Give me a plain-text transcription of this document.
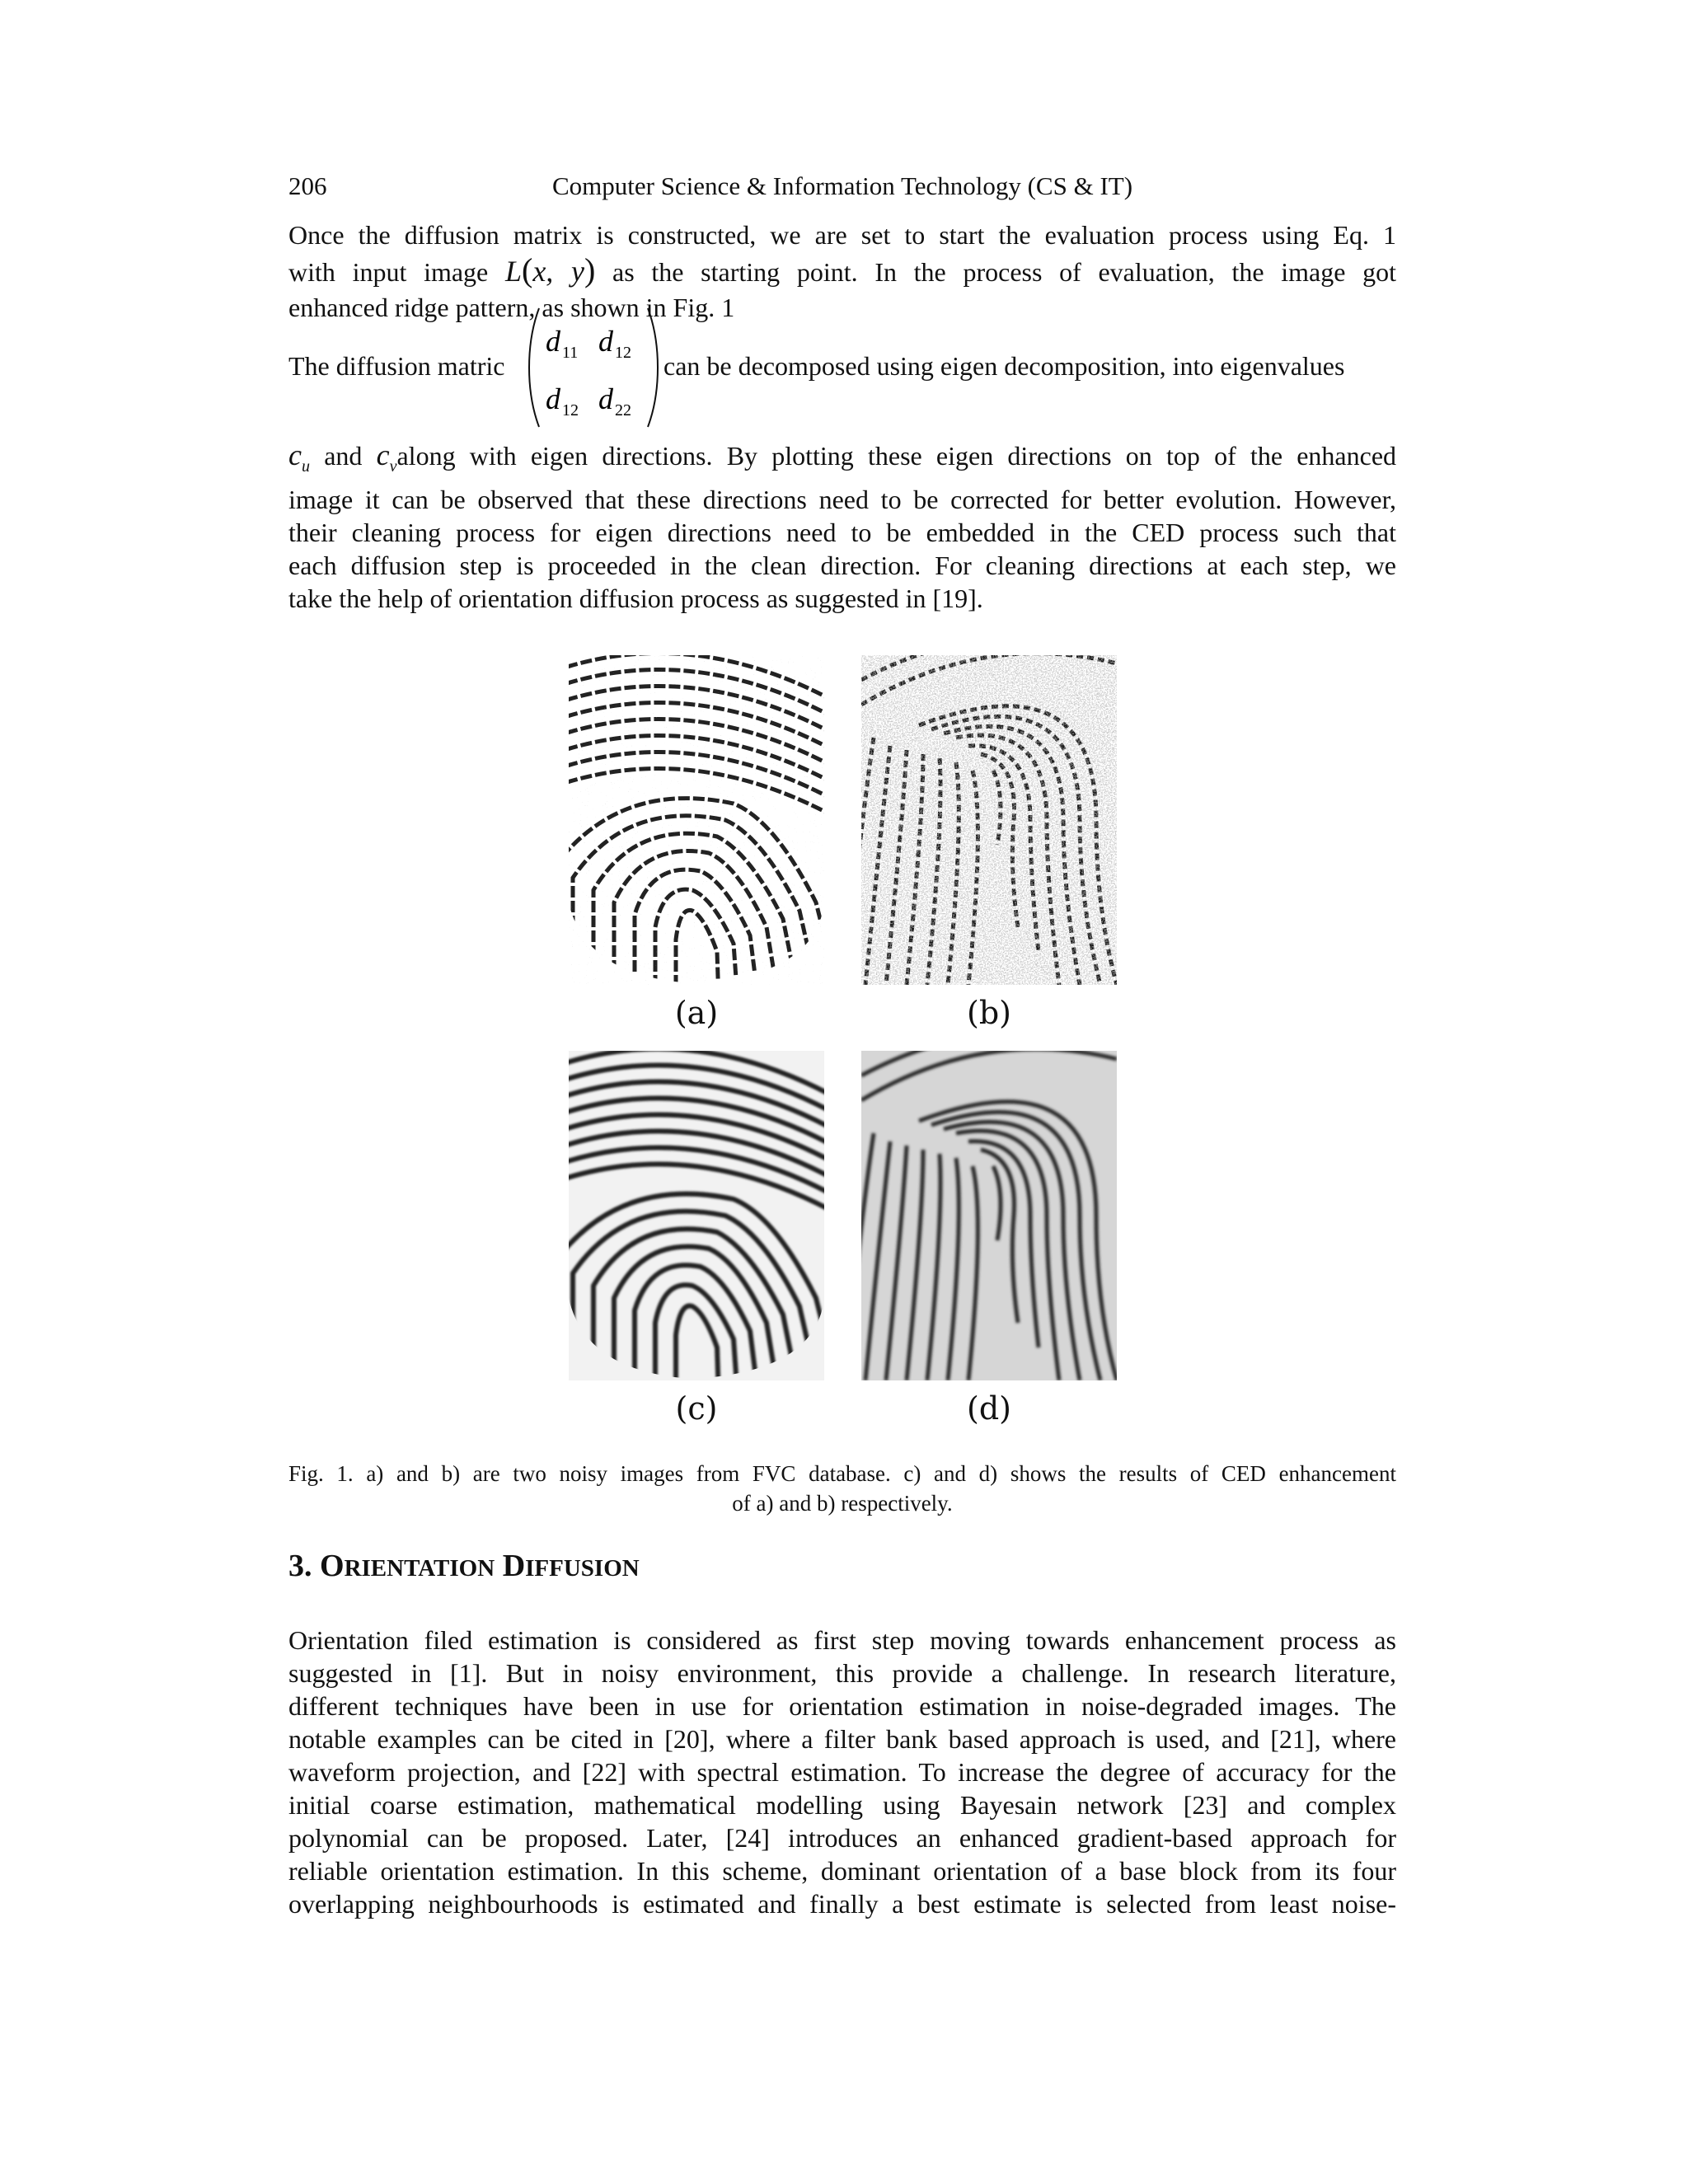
206	Computer Science & Information Technology (CS & IT)
Once the diffusion matrix is constructed, we are set to start the evaluation process using Eq. 1
with input image L(x, y) as the starting point. In the process of evaluation, the image got
enhanced ridge pattern, as shown in Fig. 1
The diffusion matric
d 11 d 12
d 12 d 22
can be decomposed using eigen decomposition, into eigenvalues
$c_u$ and $c_valong$ with eigen directions. By plotting these eigen directions on top of the enhanced
image it can be observed that these directions need to be corrected for better evolution. However,
their cleaning process for eigen directions need to be embedded in the CED process such that
each diffusion step is proceeded in the clean direction. For cleaning directions at each step, we
take the help of orientation diffusion process as suggested in [19].
(a)	(b)
(c)	(d)
Fig. 1. a) and b) are two noisy images from FVC database. c) and d) shows the results of CED enhancement
of a) and b) respectively.
3. ORIENTATION DIFFUSION
Orientation filed estimation is considered as first step moving towards enhancement process as
suggested in [1]. But in noisy environment, this provide a challenge. In research literature,
different techniques have been in use for orientation estimation in noise-degraded images. The
notable examples can be cited in [20], where a filter bank based approach is used, and [21], where
waveform projection, and [22] with spectral estimation. To increase the degree of accuracy for the
initial coarse estimation, mathematical modelling using Bayesain network [23] and complex
polynomial can be proposed. Later, [24] introduces an enhanced gradient-based approach for
reliable orientation estimation. In this scheme, dominant orientation of a base block from its four
overlapping neighbourhoods is estimated and finally a best estimate is selected from least noise-
